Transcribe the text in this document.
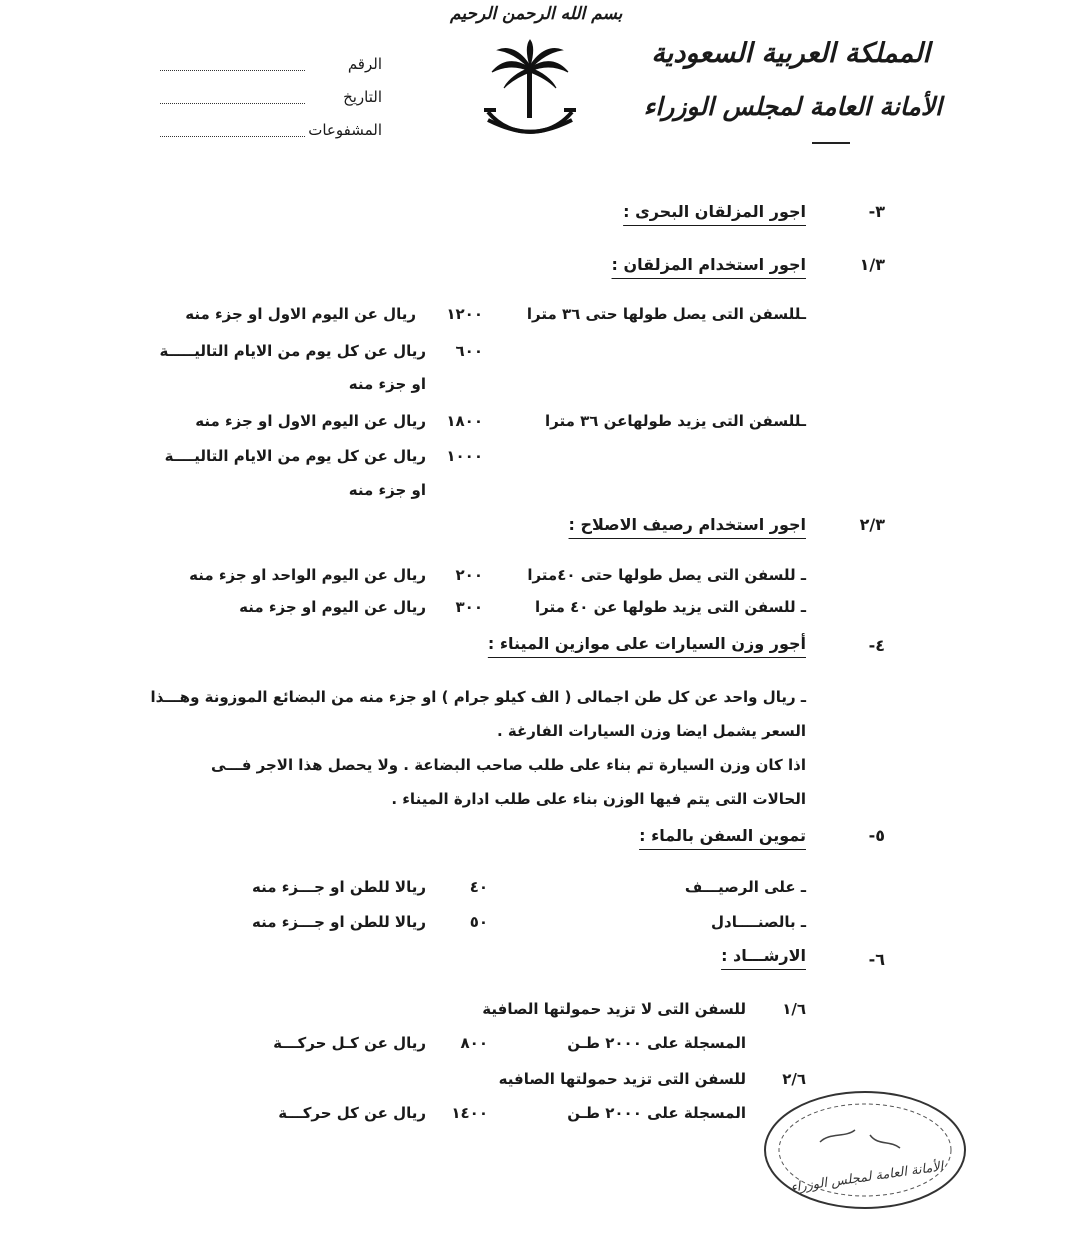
بسم الله الرحمن الرحيم
المملكة العربية السعودية
الأمانة العامة لمجلس الوزراء
الرقم
التاريخ
المشفوعات
٣-
اجور المزلقان البحرى :
١/٣
اجور استخدام المزلقان :
ـللسفن التى يصل طولها حتى ٣٦ مترا
١٢٠٠
ريال عن اليوم الاول او جزء منه
٦٠٠
ريال عن كل يوم من الايام التاليـــــة
او جزء منه
ـللسفن التى يزيد طولهاعن ٣٦ مترا
١٨٠٠
ريال عن اليوم الاول او جزء منه
١٠٠٠
ريال عن كل يوم من الايام التاليــــة
او جزء منه
٢/٣
اجور استخدام رصيف الاصلاح :
ـ للسفن التى يصل طولها حتى ٤٠مترا
٢٠٠
ريال عن اليوم الواحد او جزء منه
ـ للسفن التى يزيد طولها عن ٤٠ مترا
٣٠٠
ريال عن اليوم او جزء منه
٤-
أجور وزن السيارات على موازين الميناء :
ـ ريال واحد عن كل طن اجمالى ( الف كيلو جرام ) او جزء منه من البضائع الموزونة وهـــذا
السعر يشمل ايضا وزن السيارات الفارغة .
اذا كان وزن السيارة تم بناء على طلب صاحب البضاعة . ولا يحصل هذا الاجر فـــى
الحالات التى يتم فيها الوزن بناء على طلب ادارة الميناء .
٥-
تموين السفن بالماء :
ـ على الرصيـــف
٤٠
ريالا للطن او جـــزء منه
ـ بالصنــــادل
٥٠
ريالا للطن او جـــزء منه
٦-
الارشـــاد :
١/٦
للسفن التى لا تزيد حمولتها الصافية
المسجلة على ٢٠٠٠ طـن
٨٠٠
ريال عن كـل حركـــة
٢/٦
للسفن التى تزيد حمولتها الصافيه
المسجلة على ٢٠٠٠ طـن
١٤٠٠
ريال عن كل حركـــة
الأمانة العامة لمجلس الوزراء
